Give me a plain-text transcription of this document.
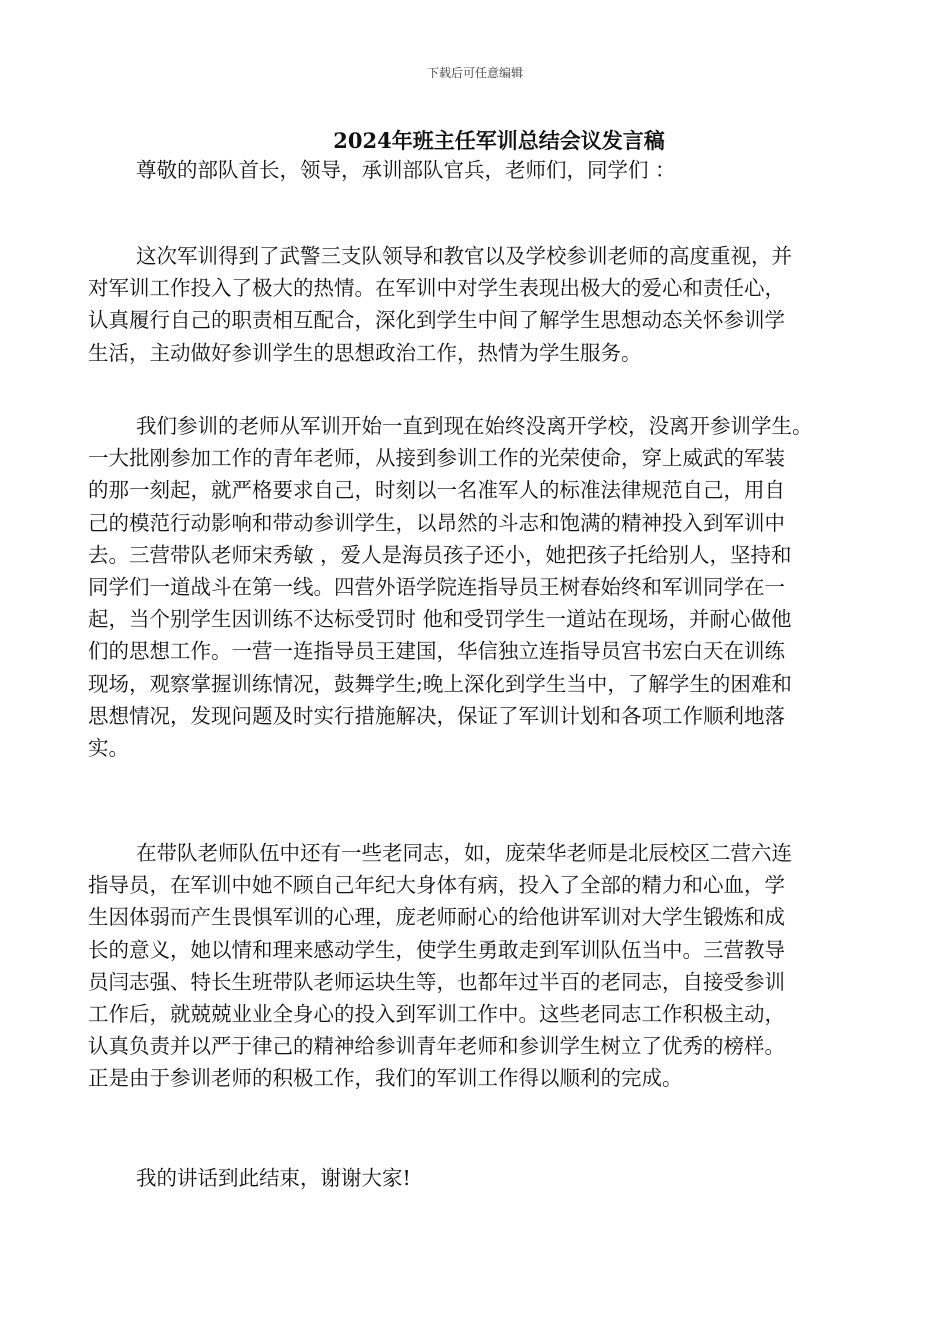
下载后可任意编辑
2024年班主任军训总结会议发言稿
尊敬的部队首长，领导，承训部队官兵，老师们，同学们 ：
这次军训得到了武警三支队领导和教官以及学校参训老师的高度重视，并
对军训工作投入了极大的热情。在军训中对学生表现出极大的爱心和责任心，
认真履行自己的职责相互配合，深化到学生中间了解学生思想动态关怀参训学
生活，主动做好参训学生的思想政治工作，热情为学生服务。
我们参训的老师从军训开始一直到现在始终没离开学校，没离开参训学生。
一大批刚参加工作的青年老师，从接到参训工作的光荣使命，穿上威武的军装
的那一刻起，就严格要求自己，时刻以一名准军人的标准法律规范自己，用自
己的模范行动影响和带动参训学生，以昂然的斗志和饱满的精神投入到军训中
去。三营带队老师宋秀敏 ，爱人是海员孩子还小，她把孩子托给别人，坚持和
同学们一道战斗在第一线。四营外语学院连指导员王树春始终和军训同学在一
起，当个别学生因训练不达标受罚时 他和受罚学生一道站在现场，并耐心做他
们的思想工作。一营一连指导员王建国，华信独立连指导员宫书宏白天在训练
现场，观察掌握训练情况，鼓舞学生;晚上深化到学生当中，了解学生的困难和
思想情况，发现问题及时实行措施解决，保证了军训计划和各项工作顺利地落
实。
在带队老师队伍中还有一些老同志，如，庞荣华老师是北辰校区二营六连
指导员，在军训中她不顾自己年纪大身体有病，投入了全部的精力和心血，学
生因体弱而产生畏惧军训的心理，庞老师耐心的给他讲军训对大学生锻炼和成
长的意义，她以情和理来感动学生，使学生勇敢走到军训队伍当中。三营教导
员闫志强、特长生班带队老师运块生等，也都年过半百的老同志，自接受参训
工作后，就兢兢业业全身心的投入到军训工作中。这些老同志工作积极主动，
认真负责并以严于律己的精神给参训青年老师和参训学生树立了优秀的榜样。
正是由于参训老师的积极工作，我们的军训工作得以顺利的完成。
我的讲话到此结束，谢谢大家!
